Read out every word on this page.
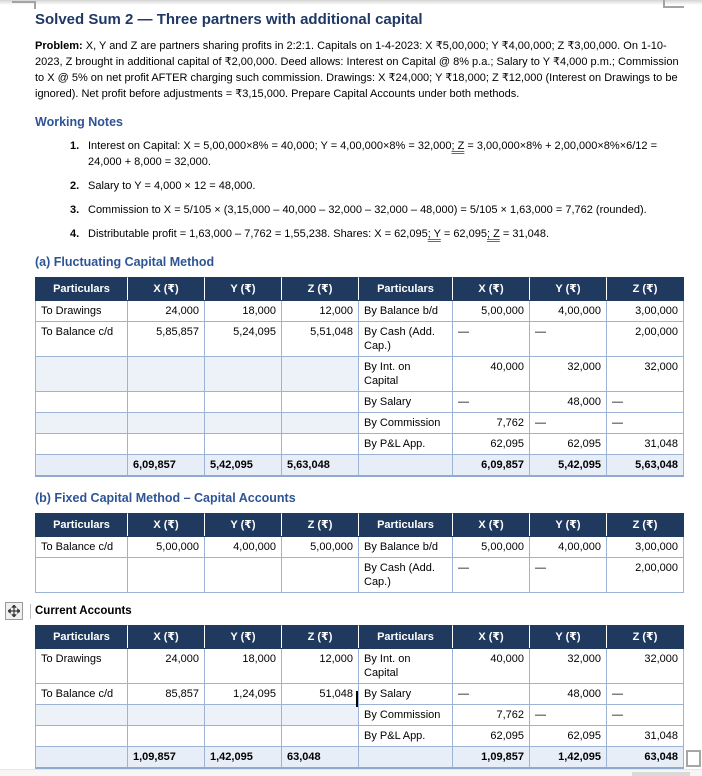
Solved Sum 2 — Three partners with additional capital

Problem: X, Y and Z are partners sharing profits in 2:2:1. Capitals on 1-4-2023: X ₹5,00,000; Y ₹4,00,000; Z ₹3,00,000. On 1-10-2023, Z brought in additional capital of ₹2,00,000. Deed allows: Interest on Capital @ 8% p.a.; Salary to Y ₹4,000 p.m.; Commission to X @ 5% on net profit AFTER charging such commission. Drawings: X ₹24,000; Y ₹18,000; Z ₹12,000 (Interest on Drawings to be ignored). Net profit before adjustments = ₹3,15,000. Prepare Capital Accounts under both methods.

Working Notes
1. Interest on Capital: X = 5,00,000×8% = 40,000; Y = 4,00,000×8% = 32,000; Z = 3,00,000×8% + 2,00,000×8%×6/12 = 24,000 + 8,000 = 32,000.
2. Salary to Y = 4,000 × 12 = 48,000.
3. Commission to X = 5/105 × (3,15,000 – 40,000 – 32,000 – 32,000 – 48,000) = 5/105 × 1,63,000 = 7,762 (rounded).
4. Distributable profit = 1,63,000 – 7,762 = 1,55,238. Shares: X = 62,095; Y = 62,095; Z = 31,048.
(a) Fluctuating Capital Method
Particulars	X (₹)	Y (₹)	Z (₹)	Particulars	X (₹)	Y (₹)	Z (₹)
To Drawings	24,000	18,000	12,000	By Balance b/d	5,00,000	4,00,000	3,00,000
To Balance c/d	5,85,857	5,24,095	5,51,048	By Cash (Add. Cap.)	—	—	2,00,000
				By Int. on Capital	40,000	32,000	32,000
				By Salary	—	48,000	—
				By Commission	7,762	—	—
				By P&L App.	62,095	62,095	31,048
	6,09,857	5,42,095	5,63,048		6,09,857	5,42,095	5,63,048
(b) Fixed Capital Method – Capital Accounts
Particulars	X (₹)	Y (₹)	Z (₹)	Particulars	X (₹)	Y (₹)	Z (₹)
To Balance c/d	5,00,000	4,00,000	5,00,000	By Balance b/d	5,00,000	4,00,000	3,00,000
				By Cash (Add. Cap.)	—	—	2,00,000
Current Accounts
Particulars	X (₹)	Y (₹)	Z (₹)	Particulars	X (₹)	Y (₹)	Z (₹)
To Drawings	24,000	18,000	12,000	By Int. on Capital	40,000	32,000	32,000
To Balance c/d	85,857	1,24,095	51,048	By Salary	—	48,000	—
				By Commission	7,762	—	—
				By P&L App.	62,095	62,095	31,048
	1,09,857	1,42,095	63,048		1,09,857	1,42,095	63,048
